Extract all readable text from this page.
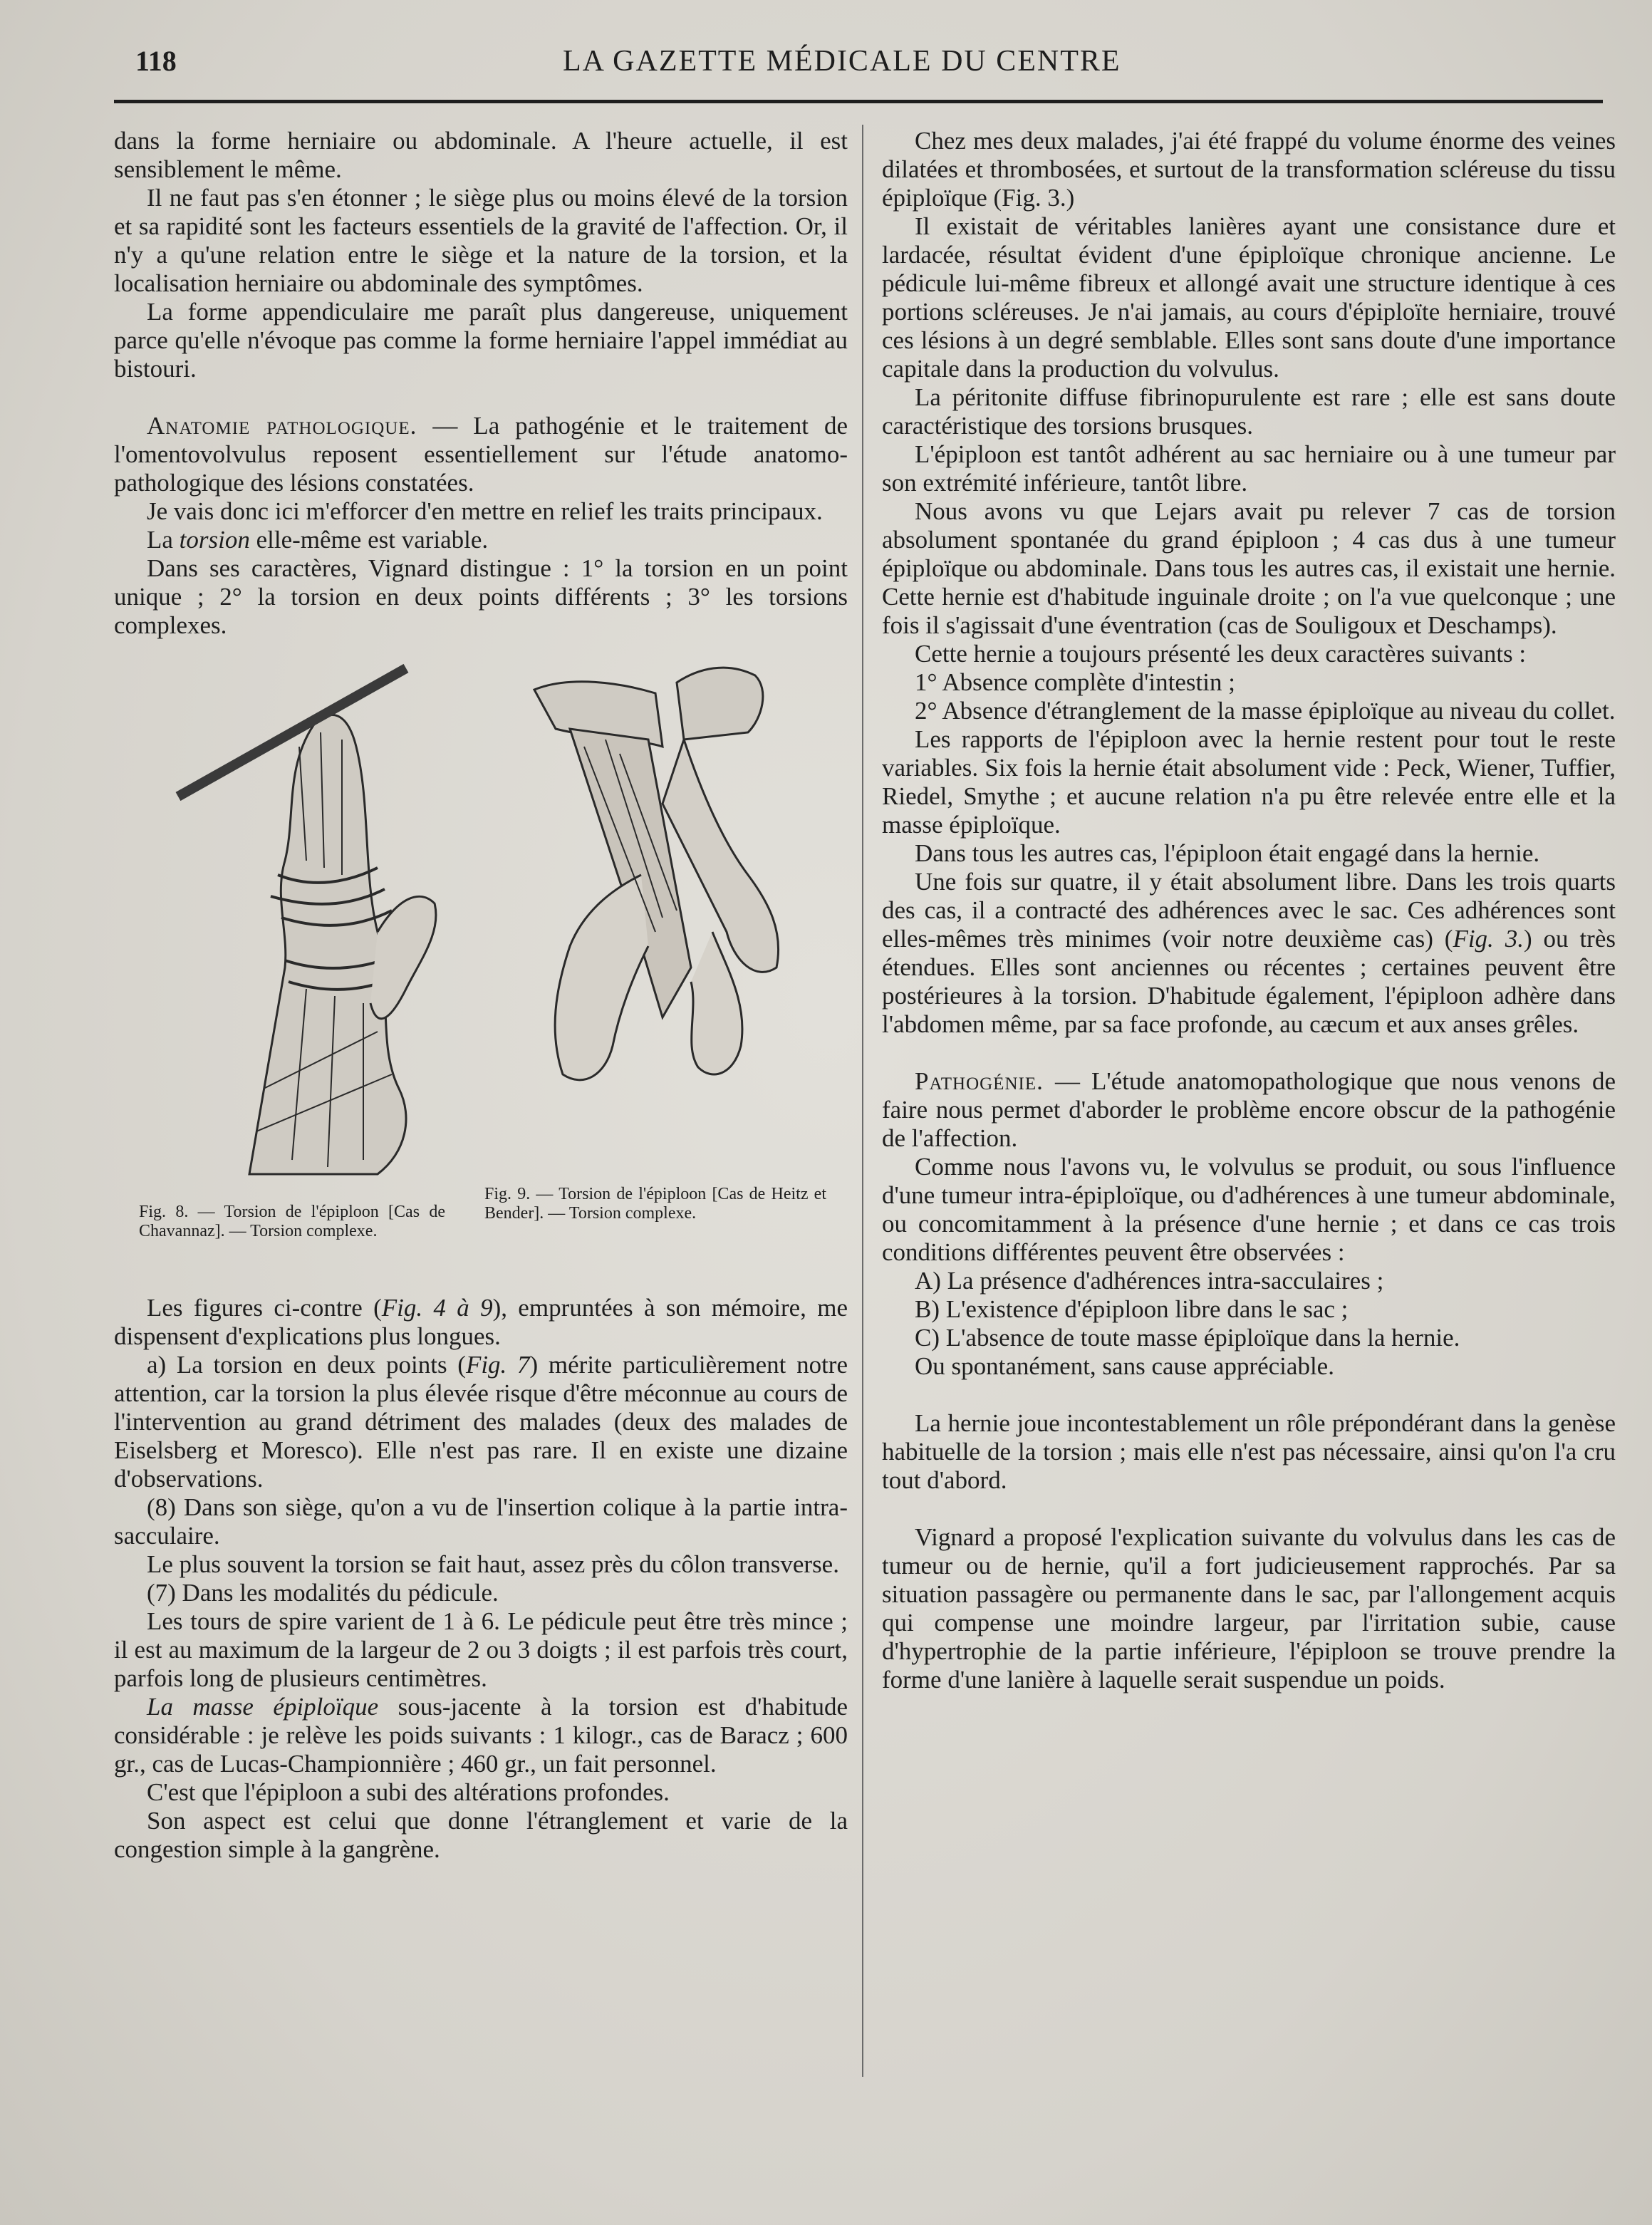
118	LA GAZETTE MÉDICALE DU CENTRE

dans la forme herniaire ou abdominale. A l'heure actuelle, il est sensiblement le même.

Il ne faut pas s'en étonner ; le siège plus ou moins élevé de la torsion et sa rapidité sont les facteurs essentiels de la gravité de l'affection. Or, il n'y a qu'une relation entre le siège et la nature de la torsion, et la localisation herniaire ou abdominale des symptômes.

La forme appendiculaire me paraît plus dangereuse, uniquement parce qu'elle n'évoque pas comme la forme herniaire l'appel immédiat au bistouri.

Anatomie pathologique. — La pathogénie et le traitement de l'omentovolvulus reposent essentiellement sur l'étude anatomo-pathologique des lésions constatées.

Je vais donc ici m'efforcer d'en mettre en relief les traits principaux.

La torsion elle-même est variable.

Dans ses caractères, Vignard distingue : 1° la torsion en un point unique ; 2° la torsion en deux points différents ; 3° les torsions complexes.

Fig. 8. — Torsion de l'épiploon [Cas de Chavannaz]. — Torsion complexe.
Fig. 9. — Torsion de l'épiploon [Cas de Heitz et Bender]. — Torsion complexe.

Les figures ci-contre (Fig. 4 à 9), empruntées à son mémoire, me dispensent d'explications plus longues.

a) La torsion en deux points (Fig. 7) mérite particulièrement notre attention, car la torsion la plus élevée risque d'être méconnue au cours de l'intervention au grand détriment des malades (deux des malades de Eiselsberg et Moresco). Elle n'est pas rare. Il en existe une dizaine d'observations.

(8) Dans son siège, qu'on a vu de l'insertion colique à la partie intra-sacculaire.

Le plus souvent la torsion se fait haut, assez près du côlon transverse.

(7) Dans les modalités du pédicule.

Les tours de spire varient de 1 à 6. Le pédicule peut être très mince ; il est au maximum de la largeur de 2 ou 3 doigts ; il est parfois très court, parfois long de plusieurs centimètres.

La masse épiploïque sous-jacente à la torsion est d'habitude considérable : je relève les poids suivants : 1 kilogr., cas de Baracz ; 600 gr., cas de Lucas-Championnière ; 460 gr., un fait personnel.

C'est que l'épiploon a subi des altérations profondes.

Son aspect est celui que donne l'étranglement et varie de la congestion simple à la gangrène.

Chez mes deux malades, j'ai été frappé du volume énorme des veines dilatées et thrombosées, et surtout de la transformation scléreuse du tissu épiploïque (Fig. 3.)

Il existait de véritables lanières ayant une consistance dure et lardacée, résultat évident d'une épiploïque chronique ancienne. Le pédicule lui-même fibreux et allongé avait une structure identique à ces portions scléreuses. Je n'ai jamais, au cours d'épiploïte herniaire, trouvé ces lésions à un degré semblable. Elles sont sans doute d'une importance capitale dans la production du volvulus.

La péritonite diffuse fibrinopurulente est rare ; elle est sans doute caractéristique des torsions brusques.

L'épiploon est tantôt adhérent au sac herniaire ou à une tumeur par son extrémité inférieure, tantôt libre.

Nous avons vu que Lejars avait pu relever 7 cas de torsion absolument spontanée du grand épiploon ; 4 cas dus à une tumeur épiploïque ou abdominale. Dans tous les autres cas, il existait une hernie. Cette hernie est d'habitude inguinale droite ; on l'a vue quelconque ; une fois il s'agissait d'une éventration (cas de Souligoux et Deschamps).

Cette hernie a toujours présenté les deux caractères suivants :

1° Absence complète d'intestin ;

2° Absence d'étranglement de la masse épiploïque au niveau du collet.

Les rapports de l'épiploon avec la hernie restent pour tout le reste variables. Six fois la hernie était absolument vide : Peck, Wiener, Tuffier, Riedel, Smythe ; et aucune relation n'a pu être relevée entre elle et la masse épiploïque.

Dans tous les autres cas, l'épiploon était engagé dans la hernie.

Une fois sur quatre, il y était absolument libre. Dans les trois quarts des cas, il a contracté des adhérences avec le sac. Ces adhérences sont elles-mêmes très minimes (voir notre deuxième cas) (Fig. 3.) ou très étendues. Elles sont anciennes ou récentes ; certaines peuvent être postérieures à la torsion. D'habitude également, l'épiploon adhère dans l'abdomen même, par sa face profonde, au cæcum et aux anses grêles.

Pathogénie. — L'étude anatomopathologique que nous venons de faire nous permet d'aborder le problème encore obscur de la pathogénie de l'affection.

Comme nous l'avons vu, le volvulus se produit, ou sous l'influence d'une tumeur intra-épiploïque, ou d'adhérences à une tumeur abdominale, ou concomitamment à la présence d'une hernie ; et dans ce cas trois conditions différentes peuvent être observées :

A) La présence d'adhérences intra-sacculaires ;

B) L'existence d'épiploon libre dans le sac ;

C) L'absence de toute masse épiploïque dans la hernie.

Ou spontanément, sans cause appréciable.

La hernie joue incontestablement un rôle prépondérant dans la genèse habituelle de la torsion ; mais elle n'est pas nécessaire, ainsi qu'on l'a cru tout d'abord.

Vignard a proposé l'explication suivante du volvulus dans les cas de tumeur ou de hernie, qu'il a fort judicieusement rapprochés. Par sa situation passagère ou permanente dans le sac, par l'allongement acquis qui compense une moindre largeur, par l'irritation subie, cause d'hypertrophie de la partie inférieure, l'épiploon se trouve prendre la forme d'une lanière à laquelle serait suspendue un poids.
